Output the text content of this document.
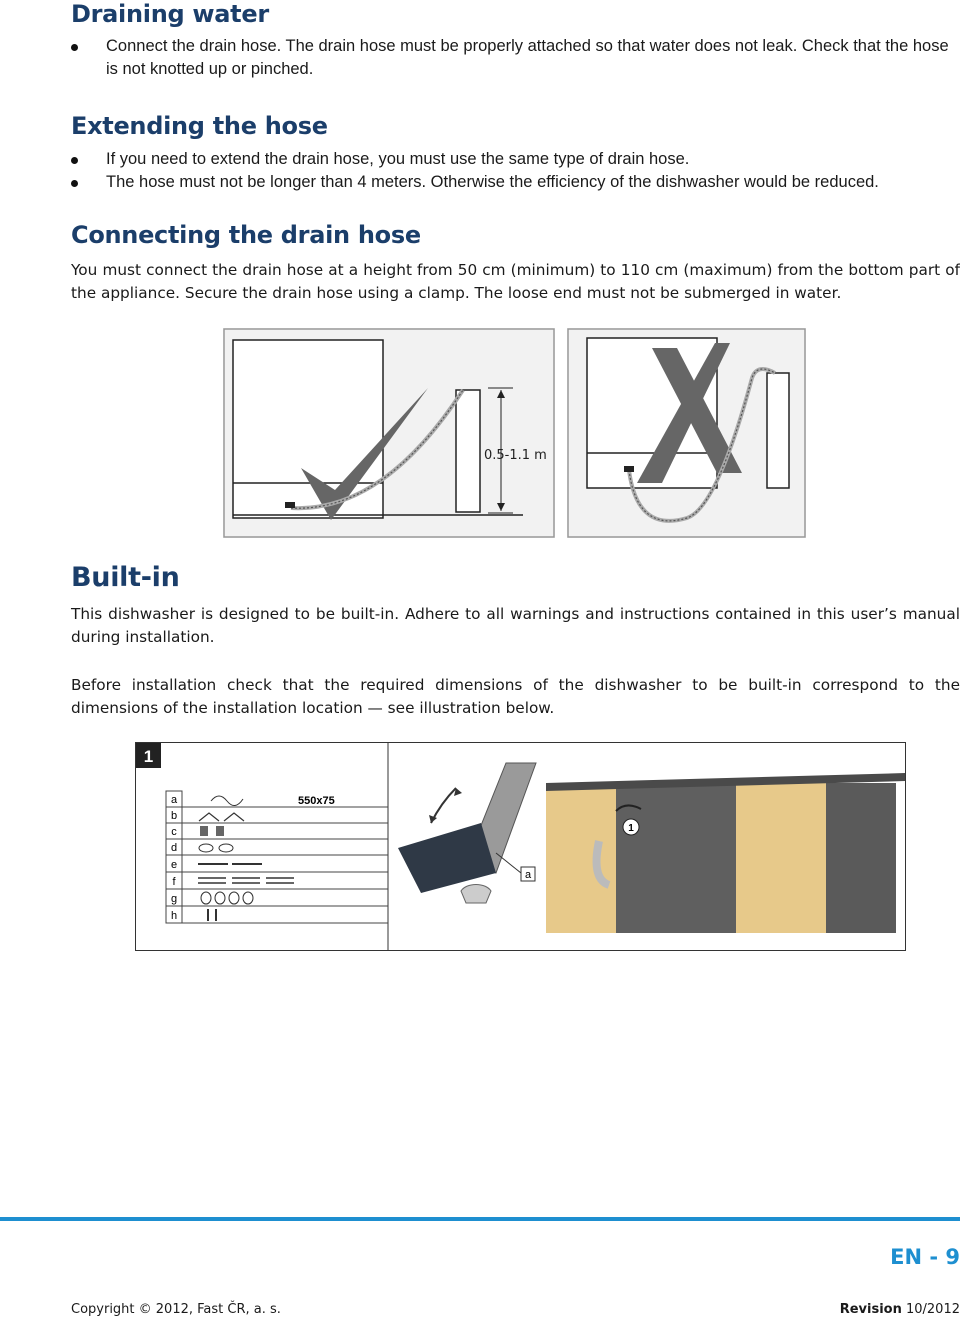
Draining water
Connect the drain hose. The drain hose must be properly attached so that water does not leak. Check that the hose is not knotted up or pinched.
Extending the hose
If you need to extend the drain hose, you must use the same type of drain hose.
The hose must not be longer than 4 meters. Otherwise the efficiency of the dishwasher would be reduced.
Connecting the drain hose

You must connect the drain hose at a height from 50 cm (minimum) to 110 cm (maximum) from the bottom part of the appliance. Secure the drain hose using a clamp. The loose end must not be submerged in water.

0.5-1.1 m
Built-in

This dishwasher is designed to be built-in. Adhere to all warnings and instructions contained in this user’s manual during installation.

Before installation check that the required dimensions of the dishwasher to be built-in correspond to the dimensions of the installation location — see illustration below.

1
a
b
c
d
e
f
g
h
550x75
a
1
EN - 9
Copyright © 2012, Fast ČR, a. s.	Revision 10/2012
